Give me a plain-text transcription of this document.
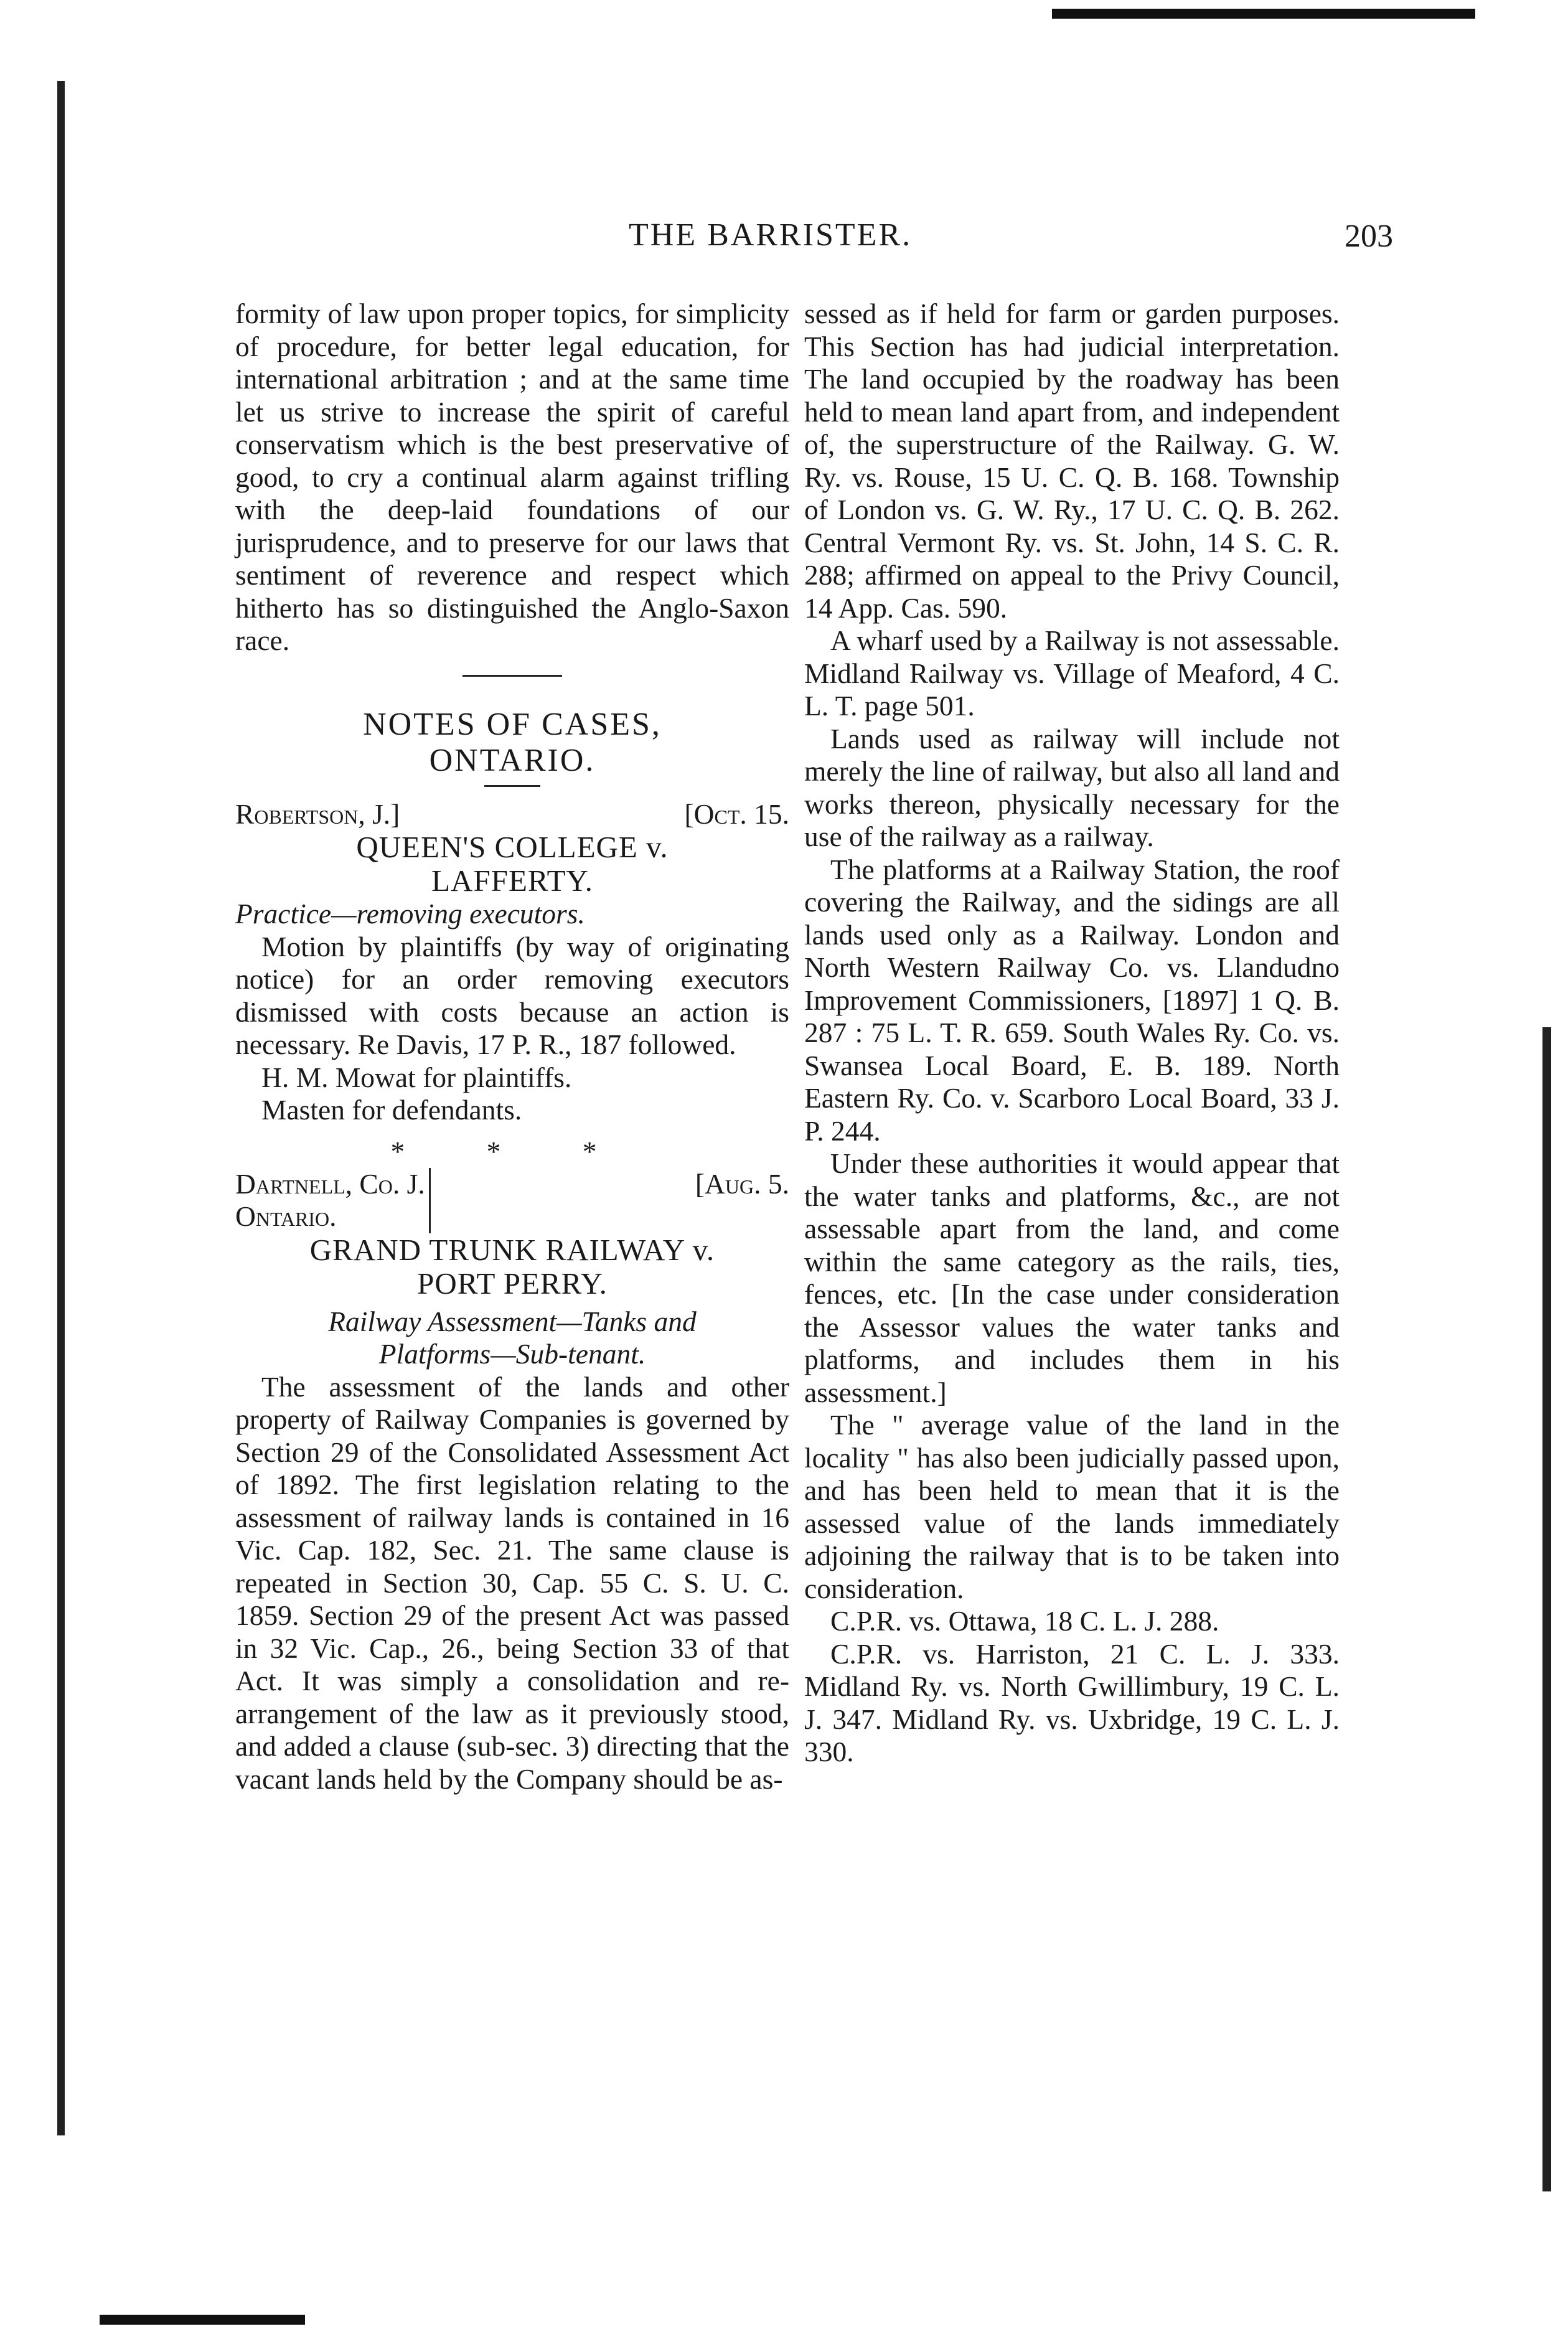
THE BARRISTER.	203

formity of law upon proper topics, for simplicity of procedure, for better legal education, for international arbitration ; and at the same time let us strive to increase the spirit of careful conservatism which is the best preservative of good, to cry a continual alarm against trifling with the deep-laid foundations of our jurisprudence, and to preserve for our laws that sentiment of reverence and respect which hitherto has so distinguished the Anglo-Saxon race.

NOTES OF CASES,
ONTARIO.
Robertson, J.]	[Oct. 15.
QUEEN'S COLLEGE v.
LAFFERTY.

Practice—removing executors.

Motion by plaintiffs (by way of originating notice) for an order removing executors dismissed with costs because an action is necessary. Re Davis, 17 P. R., 187 followed.

H. M. Mowat for plaintiffs.

Masten for defendants.

* * *
Dartnell, Co. J.
Ontario.
[Aug. 5.
GRAND TRUNK RAILWAY v.
PORT PERRY.
Railway Assessment—Tanks and
Platforms—Sub-tenant.

The assessment of the lands and other property of Railway Companies is governed by Section 29 of the Consolidated Assessment Act of 1892. The first legislation relating to the assessment of railway lands is contained in 16 Vic. Cap. 182, Sec. 21. The same clause is repeated in Section 30, Cap. 55 C. S. U. C. 1859. Section 29 of the present Act was passed in 32 Vic. Cap., 26., being Section 33 of that Act. It was simply a consolidation and re-arrangement of the law as it previously stood, and added a clause (sub-sec. 3) directing that the vacant lands held by the Company should be as-

sessed as if held for farm or garden purposes. This Section has had judicial interpretation. The land occupied by the roadway has been held to mean land apart from, and independent of, the superstructure of the Railway. G. W. Ry. vs. Rouse, 15 U. C. Q. B. 168. Township of London vs. G. W. Ry., 17 U. C. Q. B. 262. Central Vermont Ry. vs. St. John, 14 S. C. R. 288; affirmed on appeal to the Privy Council, 14 App. Cas. 590.

A wharf used by a Railway is not assessable. Midland Railway vs. Village of Meaford, 4 C. L. T. page 501.

Lands used as railway will include not merely the line of railway, but also all land and works thereon, physically necessary for the use of the railway as a railway.

The platforms at a Railway Station, the roof covering the Railway, and the sidings are all lands used only as a Railway. London and North Western Railway Co. vs. Llandudno Improvement Commissioners, [1897] 1 Q. B. 287 : 75 L. T. R. 659. South Wales Ry. Co. vs. Swansea Local Board, E. B. 189. North Eastern Ry. Co. v. Scarboro Local Board, 33 J. P. 244.

Under these authorities it would appear that the water tanks and platforms, &c., are not assessable apart from the land, and come within the same category as the rails, ties, fences, etc. [In the case under consideration the Assessor values the water tanks and platforms, and includes them in his assessment.]

The " average value of the land in the locality " has also been judicially passed upon, and has been held to mean that it is the assessed value of the lands immediately adjoining the railway that is to be taken into consideration.

C.P.R. vs. Ottawa, 18 C. L. J. 288.

C.P.R. vs. Harriston, 21 C. L. J. 333. Midland Ry. vs. North Gwillimbury, 19 C. L. J. 347. Midland Ry. vs. Uxbridge, 19 C. L. J. 330.
